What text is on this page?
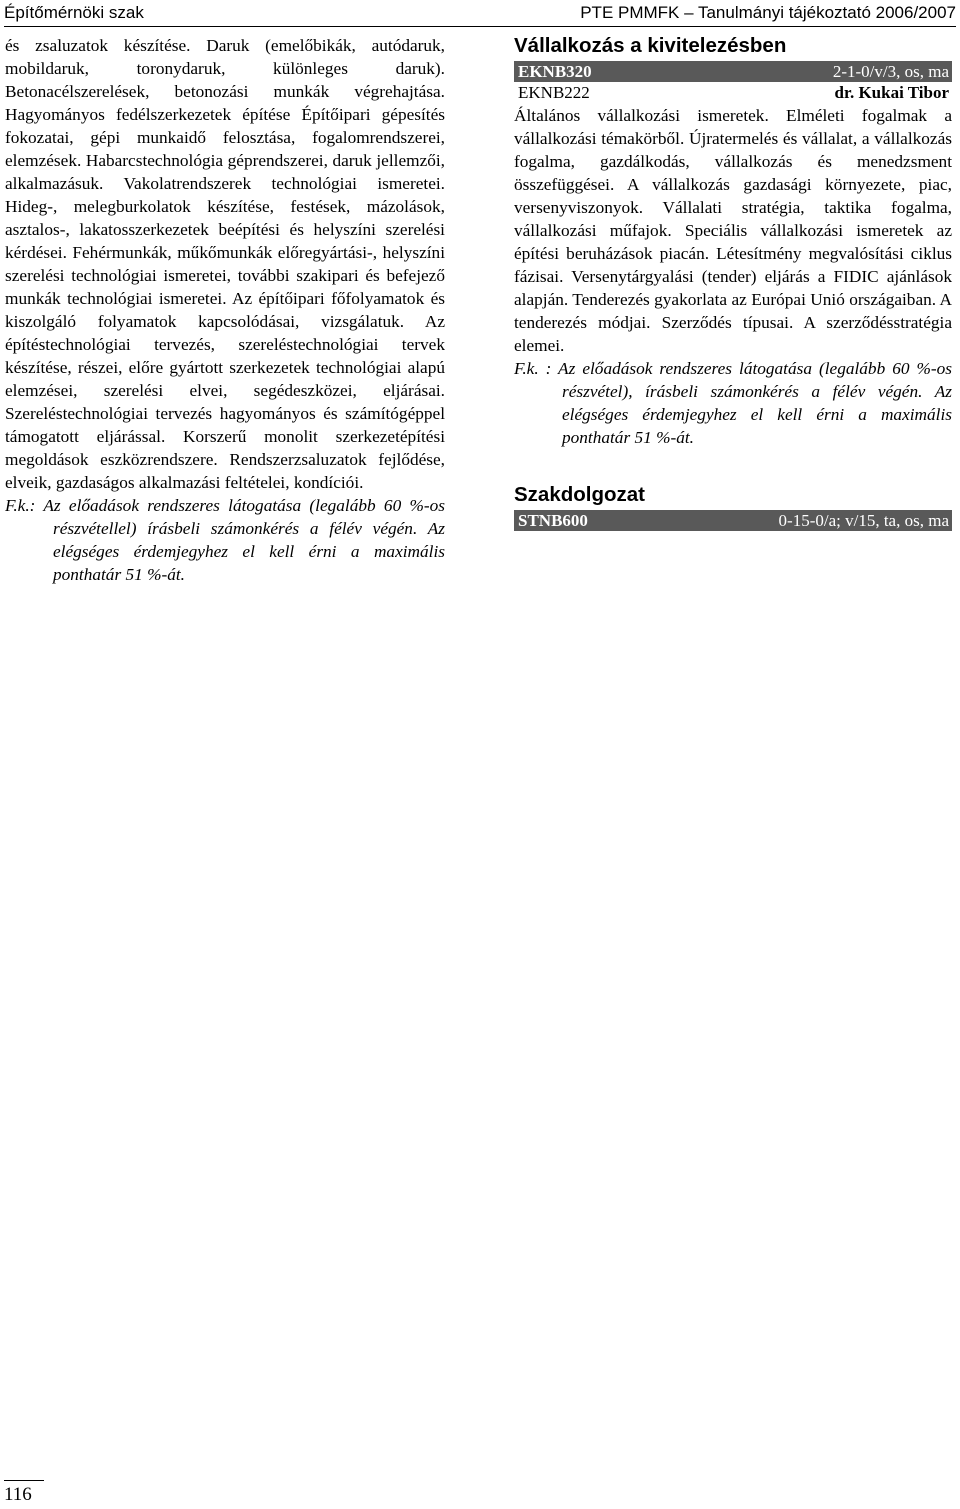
Építőmérnöki szak	PTE PMMFK – Tanulmányi tájékoztató 2006/2007

és zsaluzatok készítése. Daruk (emelőbikák, autódaruk, mobildaruk, toronydaruk, különleges daruk). Betonacélszerelések, betonozási munkák végrehajtása. Hagyományos fedélszerkezetek építése Építőipari gépesítés fokozatai, gépi munkaidő felosztása, fogalomrendszerei, elemzések. Habarcstechnológia géprendszerei, daruk jellemzői, alkalmazásuk. Vakolatrendszerek technológiai ismeretei. Hideg-, melegburkolatok készítése, festések, mázolások, asztalos-, lakatosszerkezetek beépítési és helyszíni szerelési kérdései. Fehérmunkák, műkőmunkák előregyártási-, helyszíni szerelési technológiai ismeretei, további szakipari és befejező munkák technológiai ismeretei. Az építőipari főfolyamatok és kiszolgáló folyamatok kapcsolódásai, vizsgálatuk. Az építéstechnológiai tervezés, szereléstechnológiai tervek készítése, részei, előre gyártott szerkezetek technológiai alapú elemzései, szerelési elvei, segédeszközei, eljárásai. Szereléstechnológiai tervezés hagyományos és számítógéppel támogatott eljárással. Korszerű monolit szerkezetépítési megoldások eszközrendszere. Rendszerzsaluzatok fejlődése, elveik, gazdaságos alkalmazási feltételei, kondíciói.

F.k.: Az előadások rendszeres látogatása (legalább 60 %-os részvétellel) írásbeli számonkérés a félév végén. Az elégséges érdemjegyhez el kell érni a maximális ponthatár 51 %-át.

Vállalkozás a kivitelezésben
EKNB320	2-1-0/v/3, os, ma
EKNB222	dr. Kukai Tibor

Általános vállalkozási ismeretek. Elméleti fogalmak a vállalkozási témakörből. Újratermelés és vállalat, a vállalkozás fogalma, gazdálkodás, vállalkozás és menedzsment összefüggései. A vállalkozás gazdasági környezete, piac, versenyviszonyok. Vállalati stratégia, taktika fogalma, vállalkozási műfajok. Speciális vállalkozási ismeretek az építési beruházások piacán. Létesítmény megvalósítási ciklus fázisai. Versenytárgyalási (tender) eljárás a FIDIC ajánlások alapján. Tenderezés gyakorlata az Európai Unió országaiban. A tenderezés módjai. Szerződés típusai. A szerződésstratégia elemei.

F.k. : Az előadások rendszeres látogatása (legalább 60 %-os részvétel), írásbeli számonkérés a félév végén. Az elégséges érdemjegyhez el kell érni a maximális ponthatár 51 %-át.

Szakdolgozat
STNB600	0-15-0/a; v/15, ta, os, ma
116
